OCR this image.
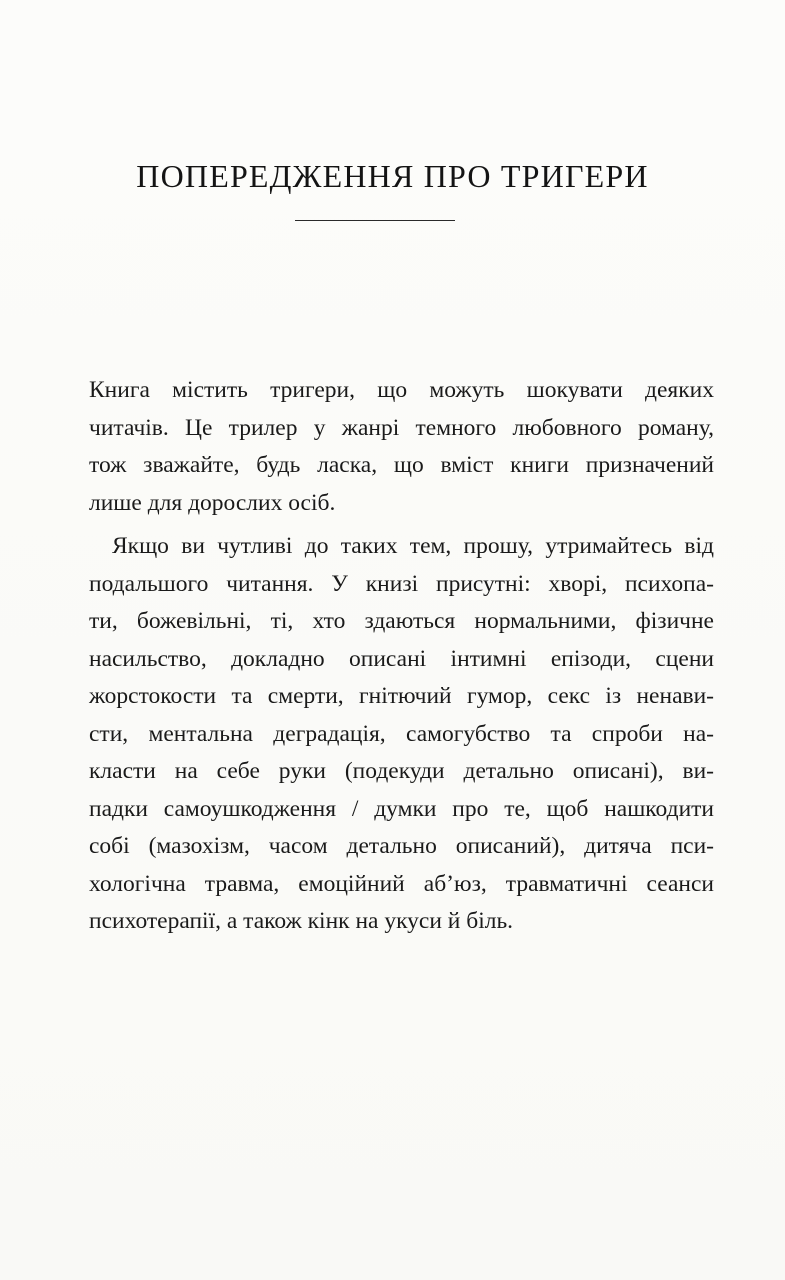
ПОПЕРЕДЖЕННЯ ПРО ТРИГЕРИ

Книга містить тригери, що можуть шокувати деяких
читачів. Це трилер у жанрі темного любовного роману,
тож зважайте, будь ласка, що вміст книги призначений
лише для дорослих осіб.

Якщо ви чутливі до таких тем, прошу, утримайтесь від
подальшого читання. У книзі присутні: хворі, психопа-
ти, божевільні, ті, хто здаються нормальними, фізичне
насильство, докладно описані інтимні епізоди, сцени
жорстокости та смерти, гнітючий гумор, секс із ненави-
сти, ментальна деградація, самогубство та спроби на-
класти на себе руки (подекуди детально описані), ви-
падки самоушкодження / думки про те, щоб нашкодити
собі (мазохізм, часом детально описаний), дитяча пси-
хологічна травма, емоційний аб’юз, травматичні сеанси
психотерапії, а також кінк на укуси й біль.
